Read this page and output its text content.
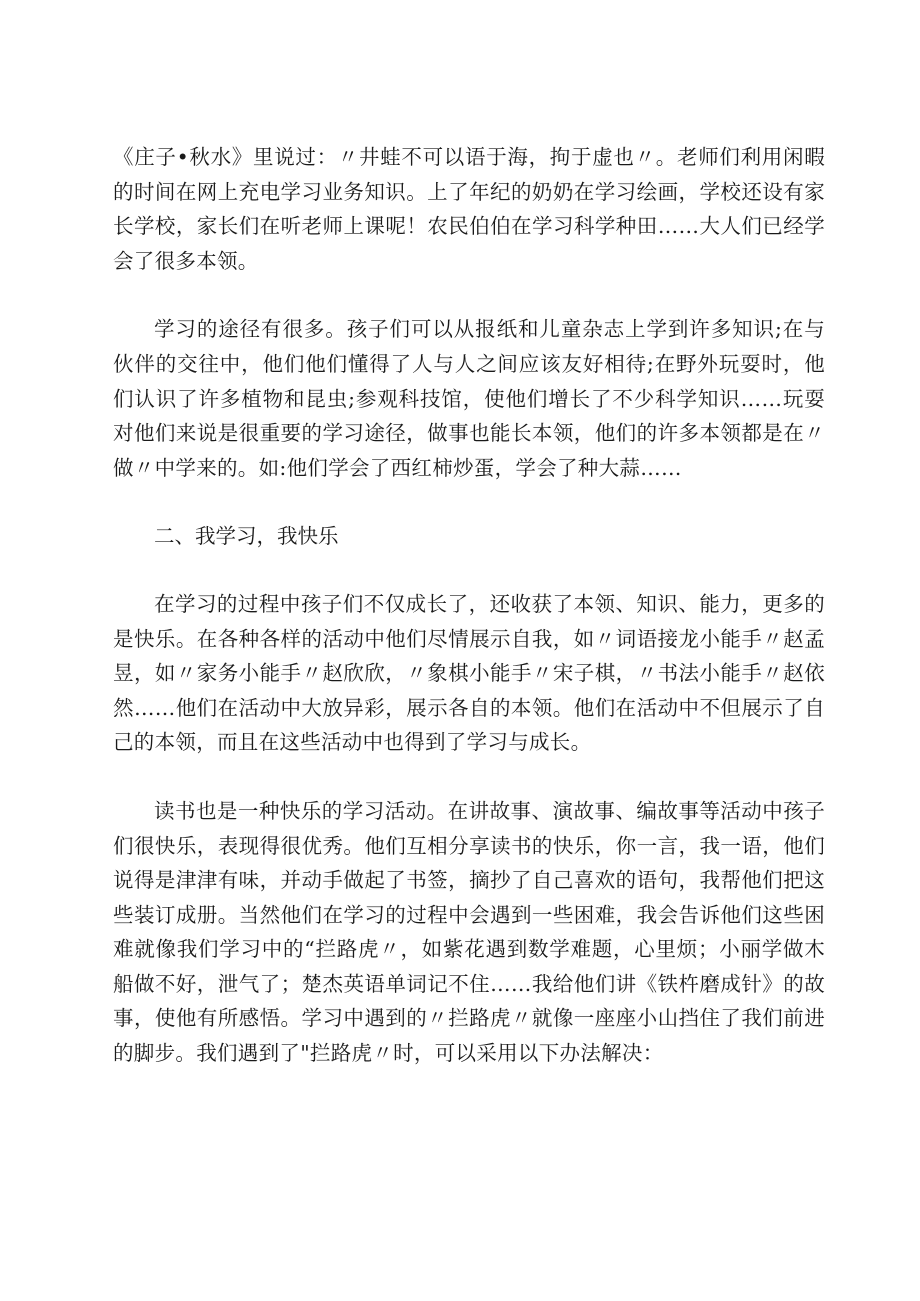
《庄子•秋水》里说过：〃井蛙不可以语于海，拘于虚也〃。老师们利用闲暇的时间在网上充电学习业务知识。上了年纪的奶奶在学习绘画，学校还设有家长学校，家长们在听老师上课呢！农民伯伯在学习科学种田……大人们已经学会了很多本领。

学习的途径有很多。孩子们可以从报纸和儿童杂志上学到许多知识;在与伙伴的交往中，他们他们懂得了人与人之间应该友好相待;在野外玩耍时，他们认识了许多植物和昆虫;参观科技馆，使他们增长了不少科学知识……玩耍对他们来说是很重要的学习途径，做事也能长本领，他们的许多本领都是在〃做〃中学来的。如:他们学会了西红柿炒蛋，学会了种大蒜……

二、我学习，我快乐

在学习的过程中孩子们不仅成长了，还收获了本领、知识、能力，更多的是快乐。在各种各样的活动中他们尽情展示自我，如〃词语接龙小能手〃赵孟昱，如〃家务小能手〃赵欣欣，〃象棋小能手〃宋子棋，〃书法小能手〃赵依然……他们在活动中大放异彩，展示各自的本领。他们在活动中不但展示了自己的本领，而且在这些活动中也得到了学习与成长。

读书也是一种快乐的学习活动。在讲故事、演故事、编故事等活动中孩子们很快乐，表现得很优秀。他们互相分享读书的快乐，你一言，我一语，他们说得是津津有味，并动手做起了书签，摘抄了自己喜欢的语句，我帮他们把这些装订成册。当然他们在学习的过程中会遇到一些困难，我会告诉他们这些困难就像我们学习中的“拦路虎〃，如紫花遇到数学难题，心里烦；小丽学做木船做不好，泄气了；楚杰英语单词记不住……我给他们讲《铁杵磨成针》的故事，使他有所感悟。学习中遇到的〃拦路虎〃就像一座座小山挡住了我们前进的脚步。我们遇到了"拦路虎〃时，可以采用以下办法解决：
